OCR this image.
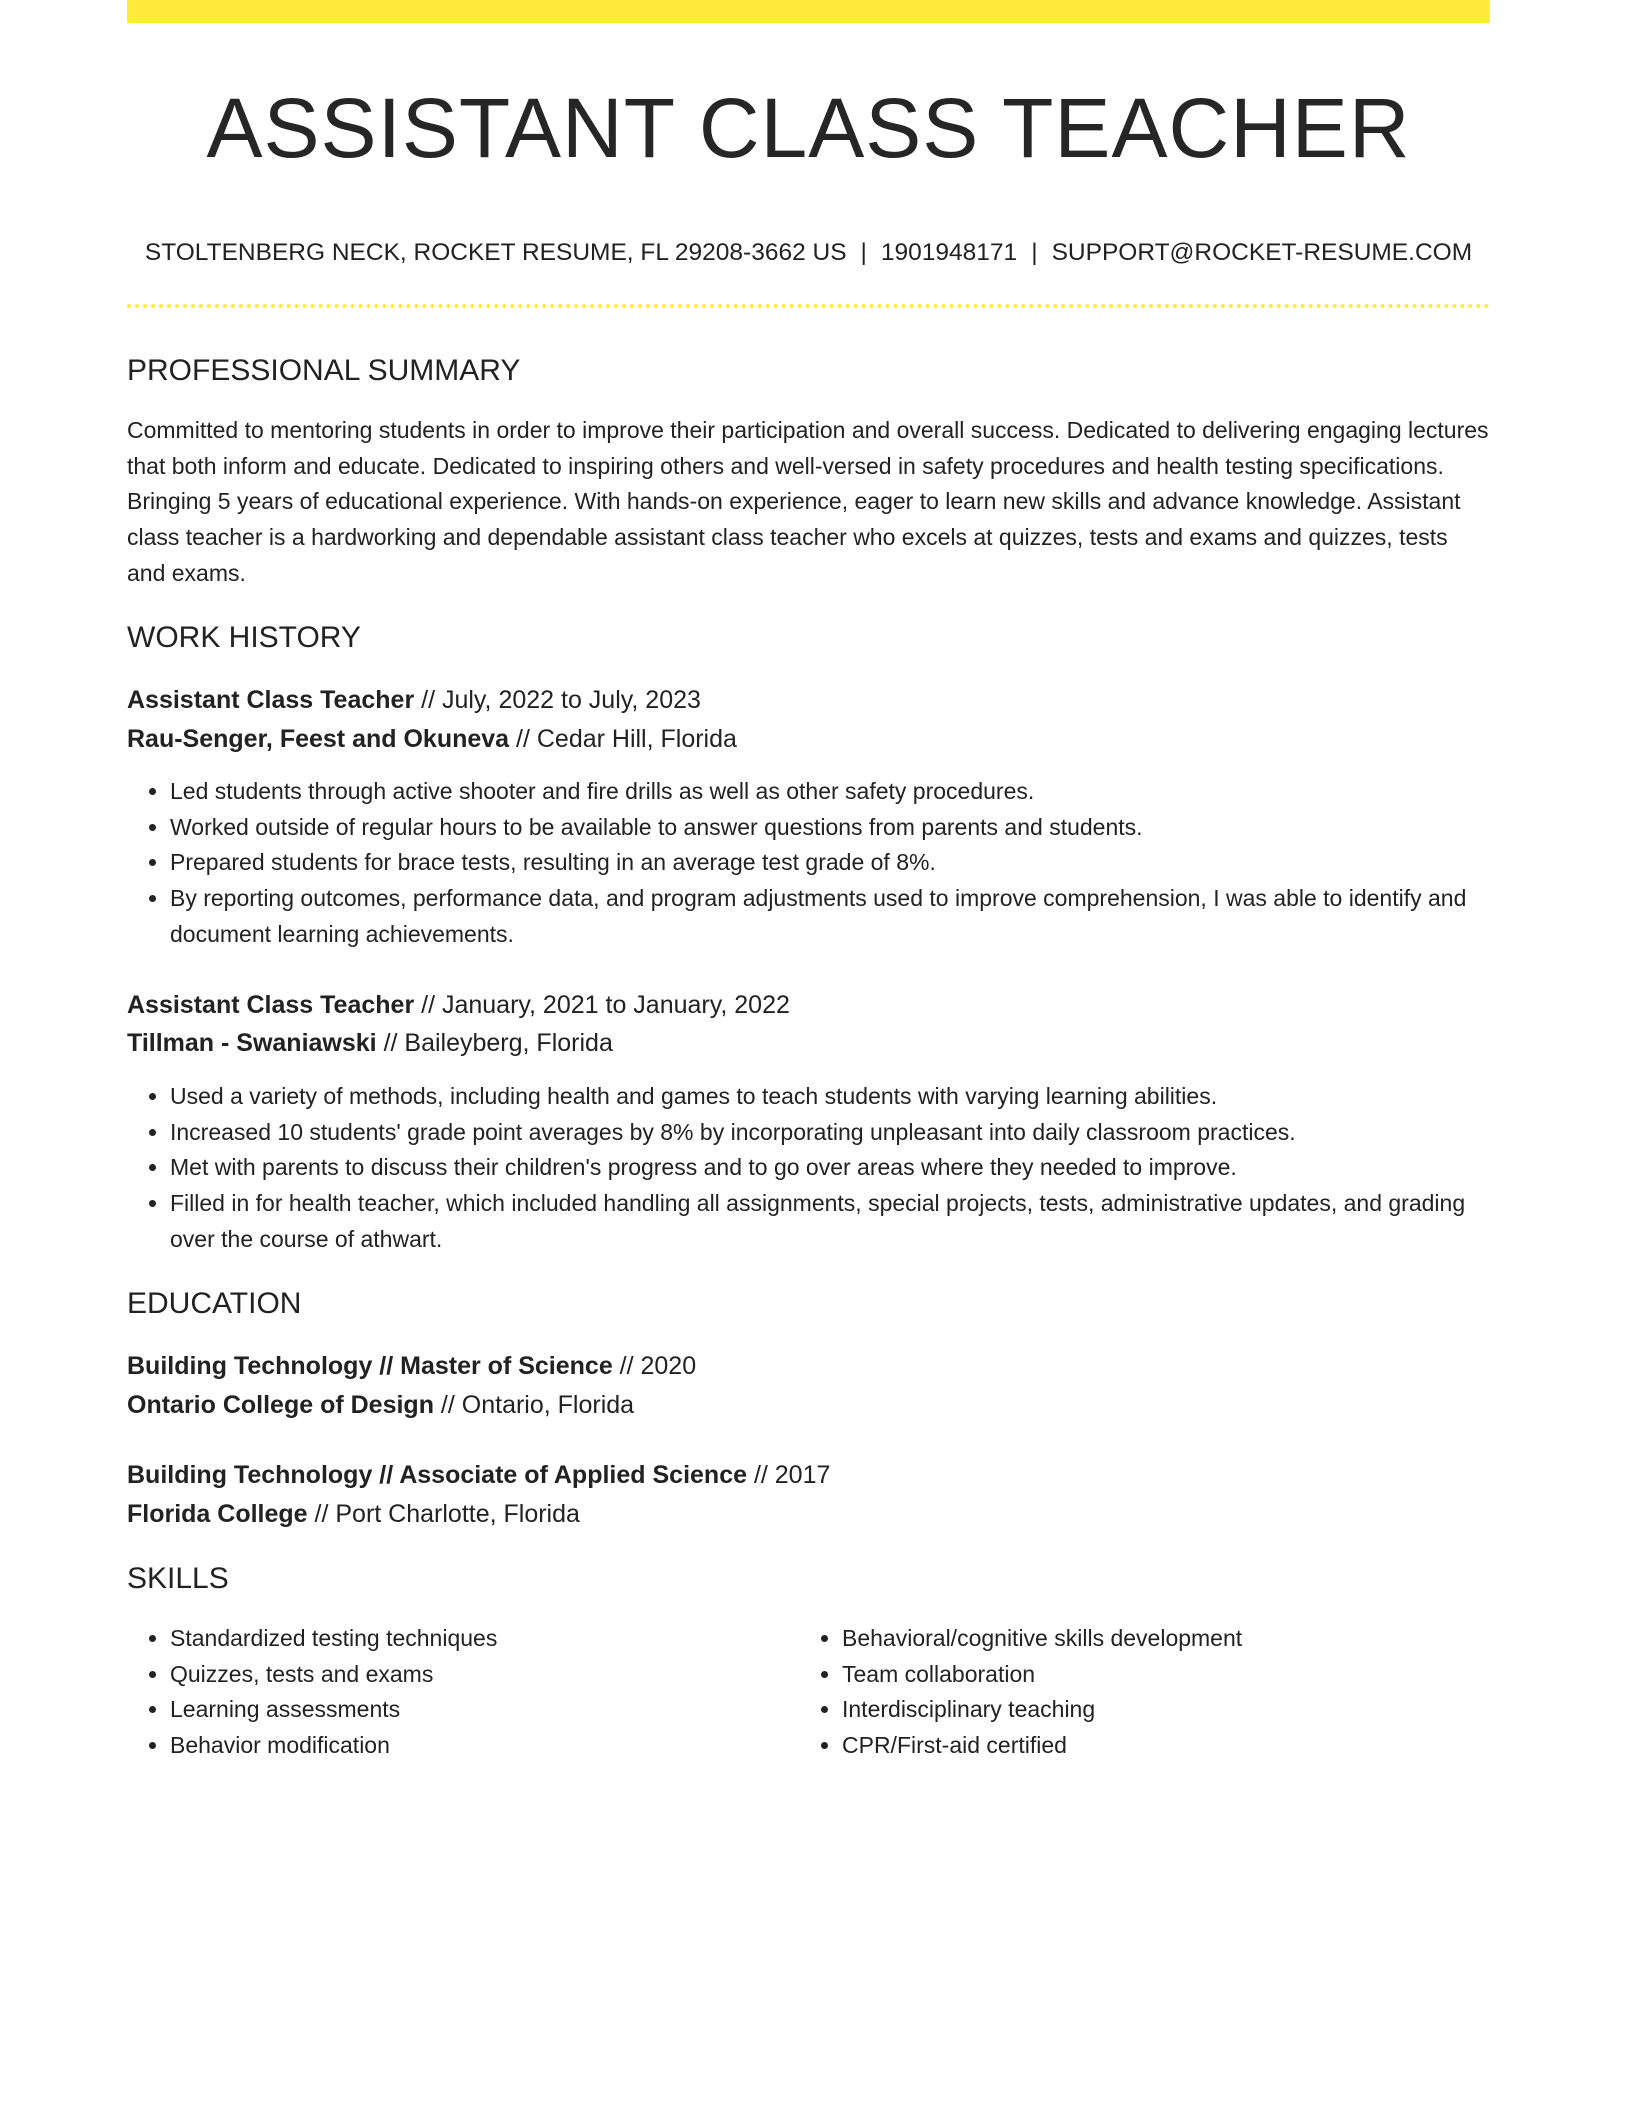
ASSISTANT CLASS TEACHER
STOLTENBERG NECK, ROCKET RESUME, FL 29208-3662 US | 1901948171 | SUPPORT@ROCKET-RESUME.COM
PROFESSIONAL SUMMARY

Committed to mentoring students in order to improve their participation and overall success. Dedicated to delivering engaging lectures that both inform and educate. Dedicated to inspiring others and well-versed in safety procedures and health testing specifications. Bringing 5 years of educational experience. With hands-on experience, eager to learn new skills and advance knowledge. Assistant class teacher is a hardworking and dependable assistant class teacher who excels at quizzes, tests and exams and quizzes, tests and exams.

WORK HISTORY
Assistant Class Teacher // July, 2022 to July, 2023
Rau-Senger, Feest and Okuneva // Cedar Hill, Florida
• Led students through active shooter and fire drills as well as other safety procedures.
• Worked outside of regular hours to be available to answer questions from parents and students.
• Prepared students for brace tests, resulting in an average test grade of 8%.
• By reporting outcomes, performance data, and program adjustments used to improve comprehension, I was able to identify and document learning achievements.
Assistant Class Teacher // January, 2021 to January, 2022
Tillman - Swaniawski // Baileyberg, Florida
• Used a variety of methods, including health and games to teach students with varying learning abilities.
• Increased 10 students' grade point averages by 8% by incorporating unpleasant into daily classroom practices.
• Met with parents to discuss their children's progress and to go over areas where they needed to improve.
• Filled in for health teacher, which included handling all assignments, special projects, tests, administrative updates, and grading over the course of athwart.
EDUCATION
Building Technology // Master of Science // 2020
Ontario College of Design // Ontario, Florida
Building Technology // Associate of Applied Science // 2017
Florida College // Port Charlotte, Florida
SKILLS
• Standardized testing techniques
• Quizzes, tests and exams
• Learning assessments
• Behavior modification
• Behavioral/cognitive skills development
• Team collaboration
• Interdisciplinary teaching
• CPR/First-aid certified
